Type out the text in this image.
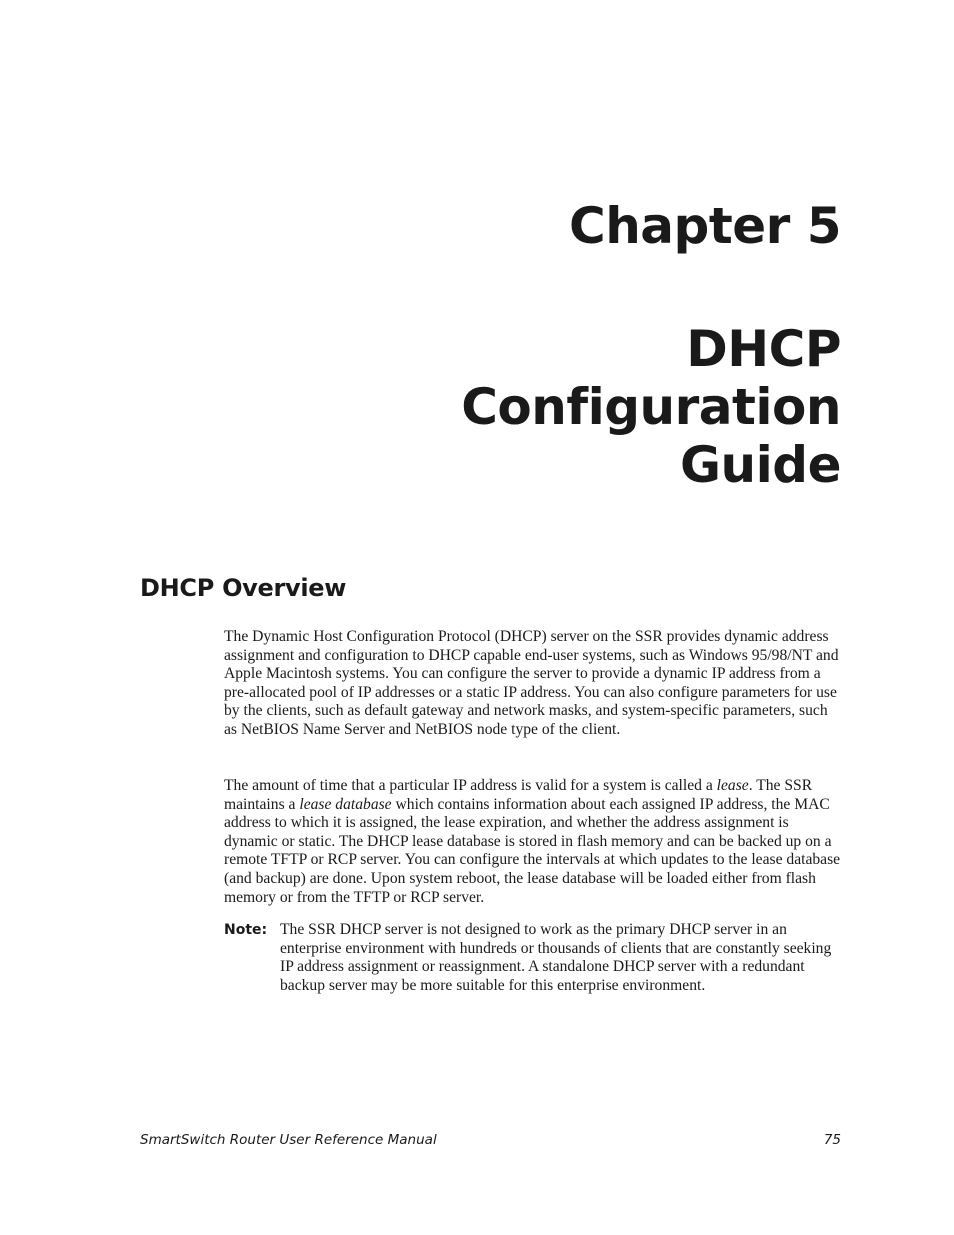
Chapter 5
DHCP
Configuration
Guide
DHCP Overview

The Dynamic Host Configuration Protocol (DHCP) server on the SSR provides dynamic address assignment and configuration to DHCP capable end-user systems, such as Windows 95/98/NT and Apple Macintosh systems. You can configure the server to provide a dynamic IP address from a pre-allocated pool of IP addresses or a static IP address. You can also configure parameters for use by the clients, such as default gateway and network masks, and system-specific parameters, such as NetBIOS Name Server and NetBIOS node type of the client.

The amount of time that a particular IP address is valid for a system is called a lease. The SSR maintains a lease database which contains information about each assigned IP address, the MAC address to which it is assigned, the lease expiration, and whether the address assignment is dynamic or static. The DHCP lease database is stored in flash memory and can be backed up on a remote TFTP or RCP server. You can configure the intervals at which updates to the lease database (and backup) are done. Upon system reboot, the lease database will be loaded either from flash memory or from the TFTP or RCP server.

Note: The SSR DHCP server is not designed to work as the primary DHCP server in an enterprise environment with hundreds or thousands of clients that are constantly seeking IP address assignment or reassignment. A standalone DHCP server with a redundant backup server may be more suitable for this enterprise environment.
SmartSwitch Router User Reference Manual	75
